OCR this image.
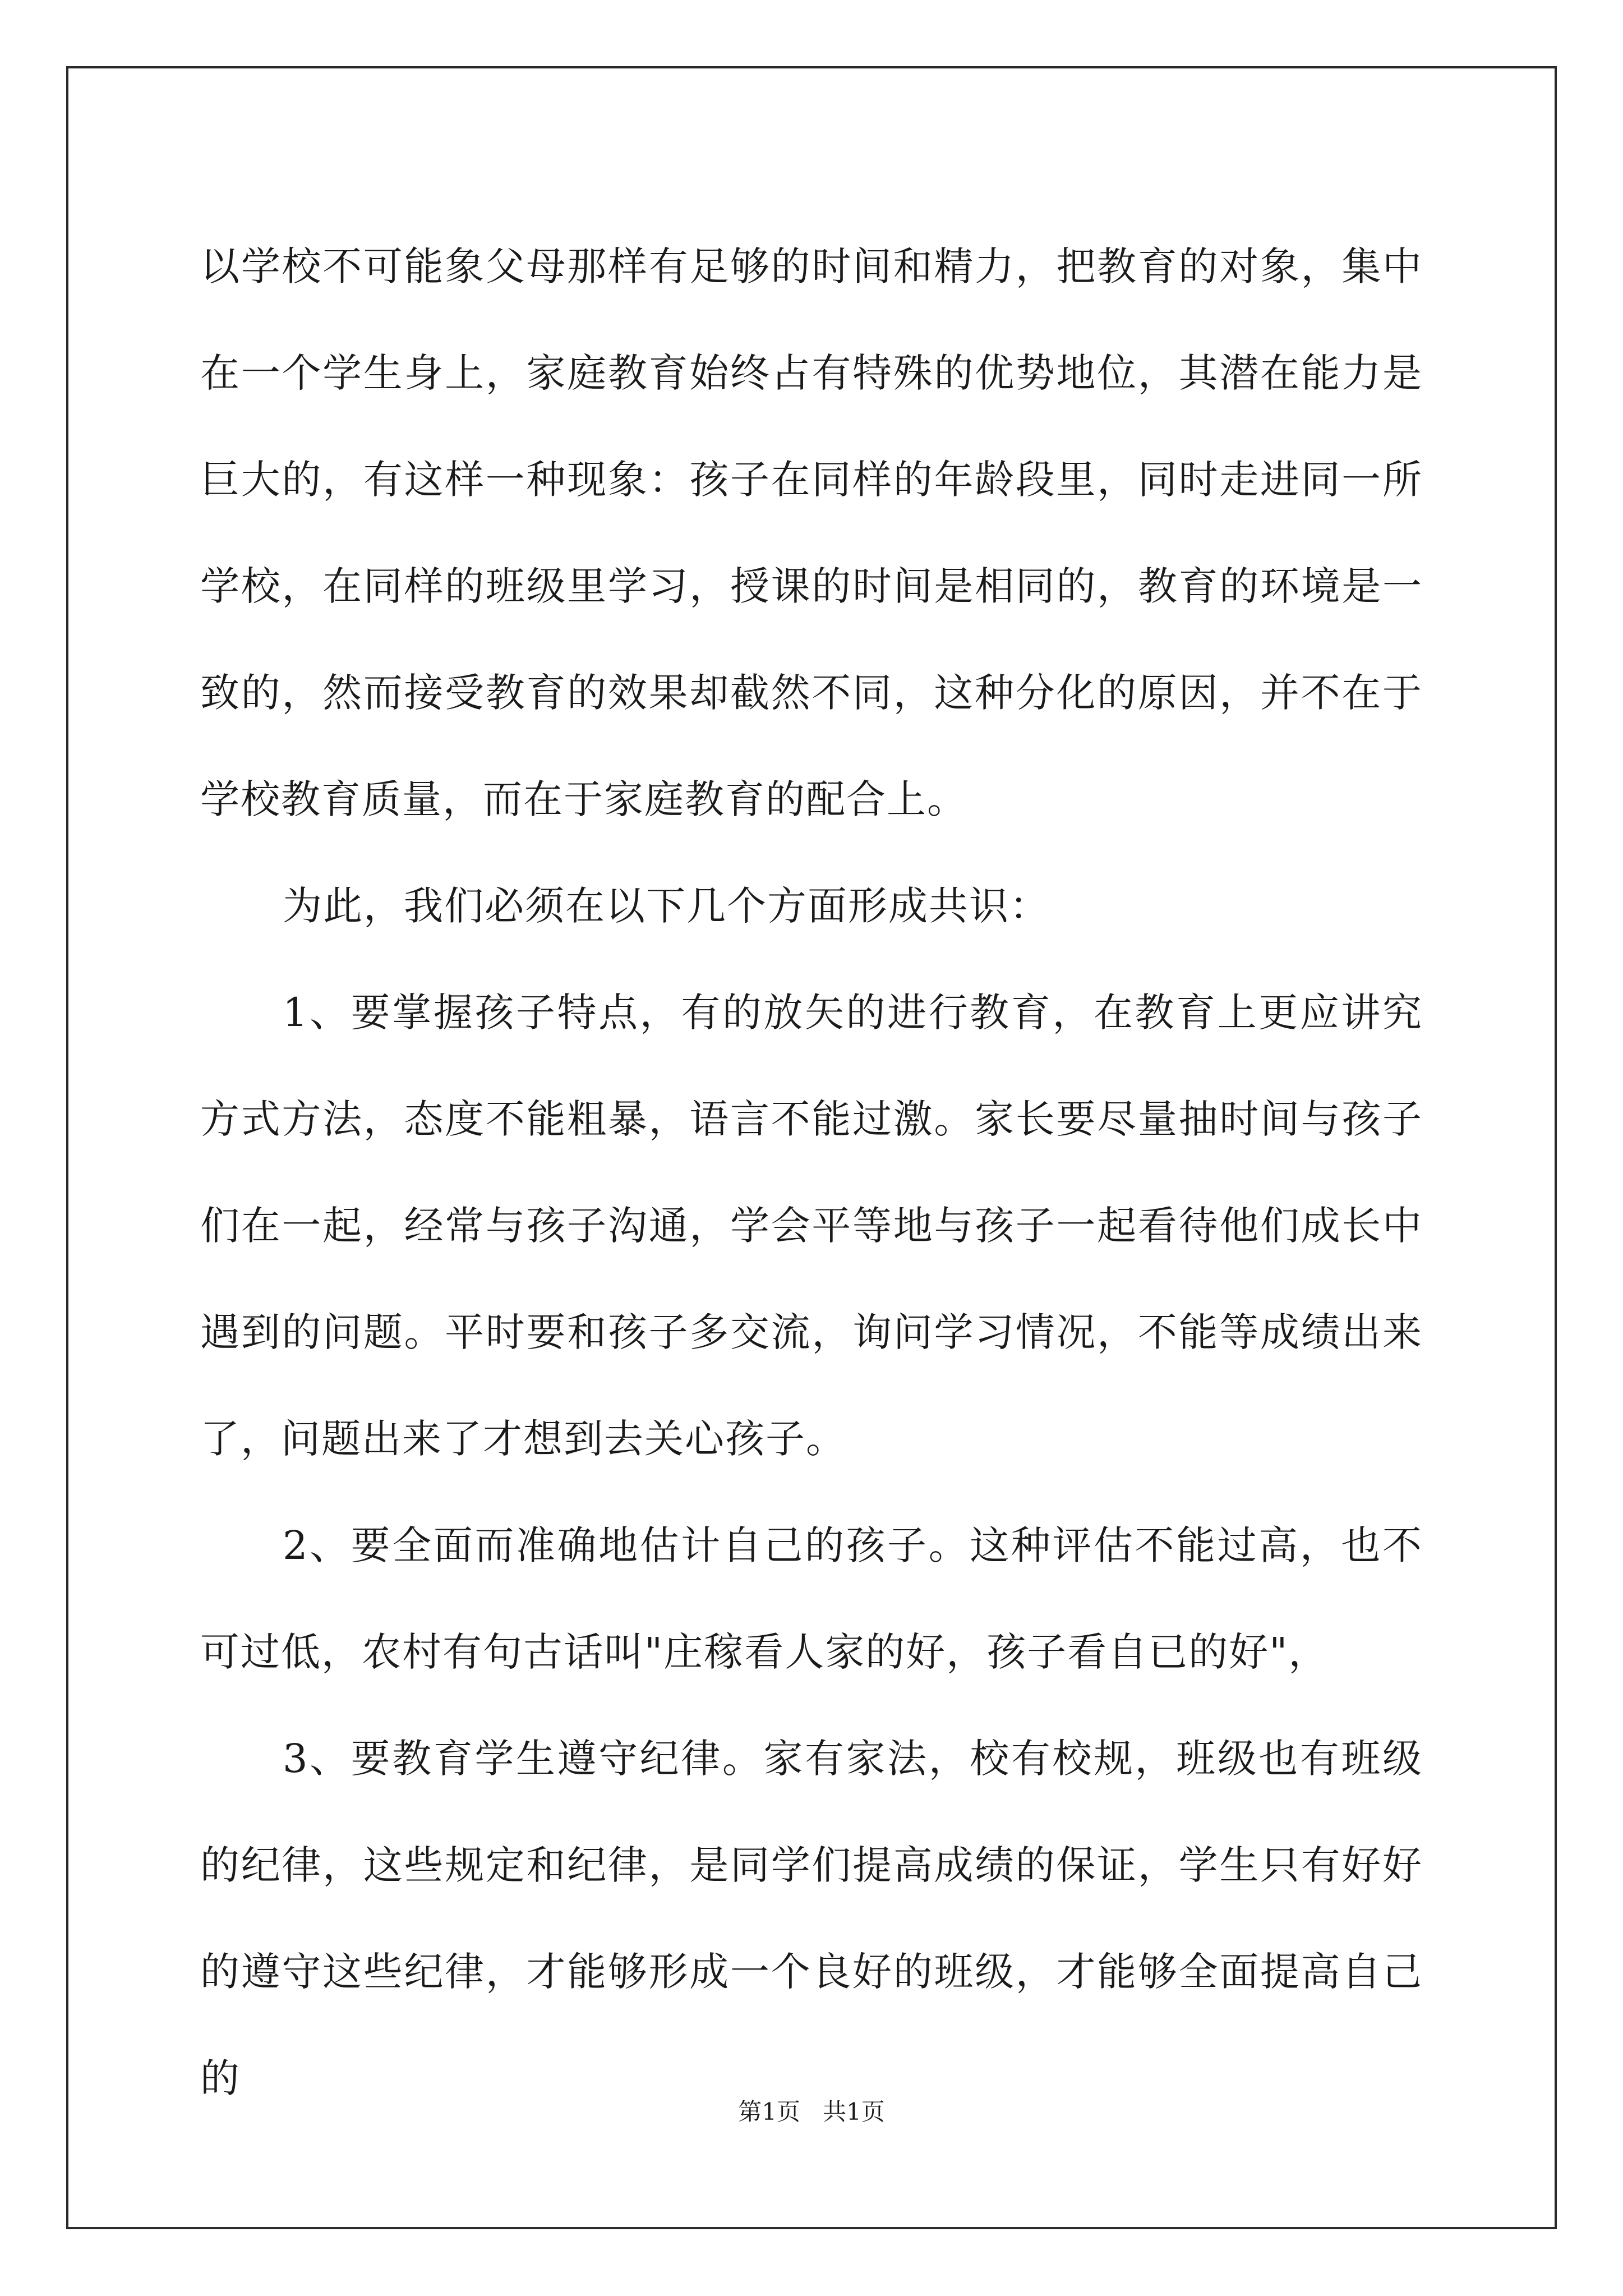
以学校不可能象父母那样有足够的时间和精力，把教育的对象，集中在一个学生身上，家庭教育始终占有特殊的优势地位，其潜在能力是巨大的，有这样一种现象：孩子在同样的年龄段里，同时走进同一所学校，在同样的班级里学习，授课的时间是相同的，教育的环境是一致的，然而接受教育的效果却截然不同，这种分化的原因，并不在于学校教育质量，而在于家庭教育的配合上。

为此，我们必须在以下几个方面形成共识：

1、要掌握孩子特点，有的放矢的进行教育，在教育上更应讲究方式方法，态度不能粗暴，语言不能过激。家长要尽量抽时间与孩子们在一起，经常与孩子沟通，学会平等地与孩子一起看待他们成长中遇到的问题。平时要和孩子多交流，询问学习情况，不能等成绩出来了，问题出来了才想到去关心孩子。

2、要全面而准确地估计自己的孩子。这种评估不能过高，也不可过低，农村有句古话叫"庄稼看人家的好，孩子看自已的好"，

3、要教育学生遵守纪律。家有家法，校有校规，班级也有班级的纪律，这些规定和纪律，是同学们提高成绩的保证，学生只有好好的遵守这些纪律，才能够形成一个良好的班级，才能够全面提高自己的

第1页 共1页
